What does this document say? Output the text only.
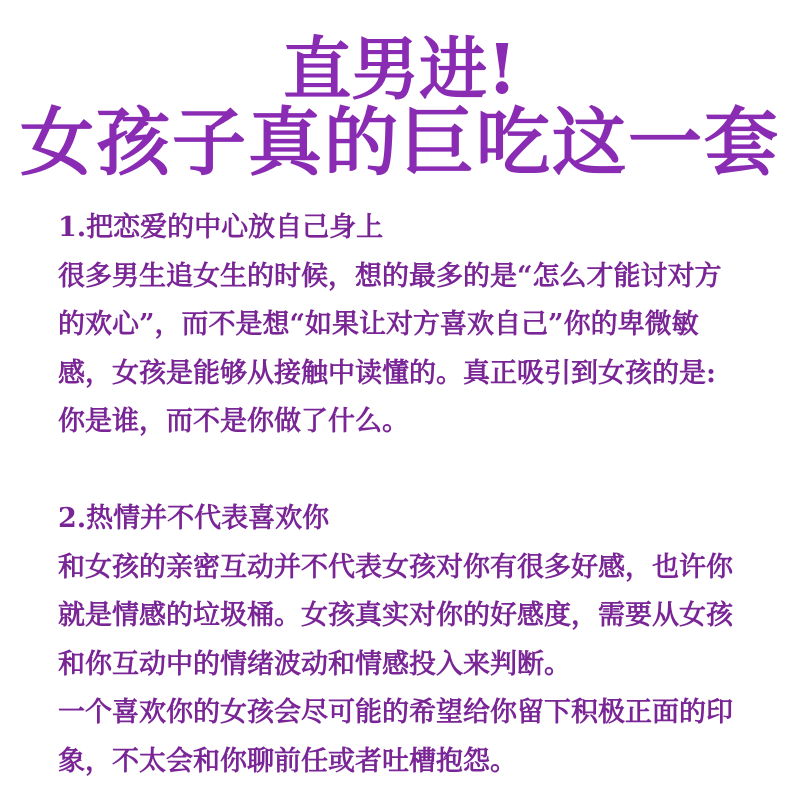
直男进!
女孩子真的巨吃这一套
1.把恋爱的中心放自己身上
很多男生追女生的时候，想的最多的是“怎么才能讨对方
的欢心”，而不是想“如果让对方喜欢自己”你的卑微敏
感，女孩是能够从接触中读懂的。真正吸引到女孩的是:
你是谁，而不是你做了什么。
2.热情并不代表喜欢你
和女孩的亲密互动并不代表女孩对你有很多好感，也许你
就是情感的垃圾桶。女孩真实对你的好感度，需要从女孩
和你互动中的情绪波动和情感投入来判断。
一个喜欢你的女孩会尽可能的希望给你留下积极正面的印
象，不太会和你聊前任或者吐槽抱怨。
